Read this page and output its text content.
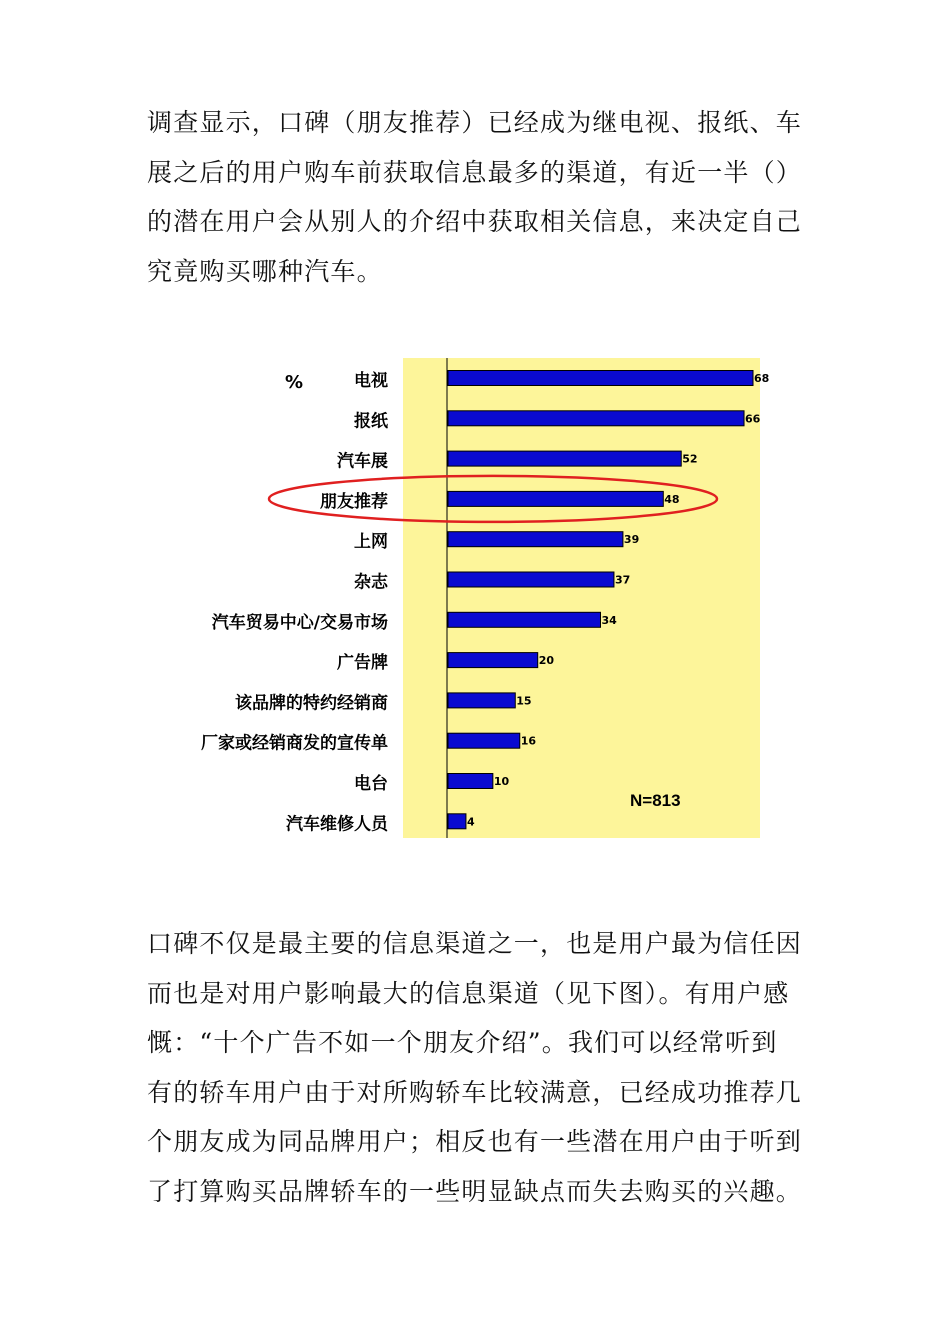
调查显示，口碑（朋友推荐）已经成为继电视、报纸、车
展之后的用户购车前获取信息最多的渠道，有近一半（）
的潜在用户会从别人的介绍中获取相关信息，来决定自己
究竟购买哪种汽车。
%	电视	68
报纸	66
汽车展	52
朋友推荐	48
上网	39
杂志	37
汽车贸易中心/交易市场	34
广告牌	20
该品牌的特约经销商	15
厂家或经销商发的宣传单	16
电台	10
汽车维修人员	4
N=813
口碑不仅是最主要的信息渠道之一，也是用户最为信任因
而也是对用户影响最大的信息渠道（见下图）。有用户感
慨：“十个广告不如一个朋友介绍”。我们可以经常听到
有的轿车用户由于对所购轿车比较满意，已经成功推荐几
个朋友成为同品牌用户；相反也有一些潜在用户由于听到
了打算购买品牌轿车的一些明显缺点而失去购买的兴趣。
